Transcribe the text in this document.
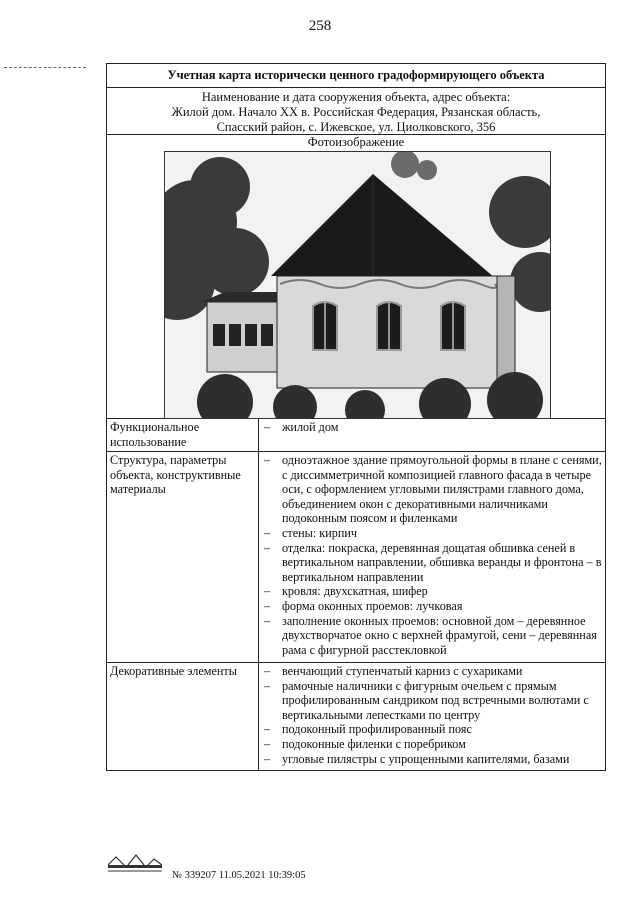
258
Учетная карта исторически ценного градоформирующего объекта
Наименование и дата сооружения объекта, адрес объекта:
Жилой дом. Начало XX в. Российская Федерация, Рязанская область,
Спасский район, с. Ижевское, ул. Циолковского, 356
Фотоизображение
Функциональное использование
– жилой дом
Структура, параметры объекта, конструктивные материалы
– одноэтажное здание прямоугольной формы в плане с сенями, с диссимметричной композицией главного фасада в четыре оси, с оформлением угловыми пилястрами главного дома, объединением окон с декоративными наличниками подоконным поясом и филенками
– стены: кирпич
– отделка: покраска, деревянная дощатая обшивка сеней в вертикальном направлении, обшивка веранды и фронтона – в вертикальном направлении
– кровля: двухскатная, шифер
– форма оконных проемов: лучковая
– заполнение оконных проемов: основной дом – деревянное двухстворчатое окно с верхней фрамугой, сени – деревянная рама с фигурной расстекловкой
Декоративные элементы
–	венчающий ступенчатый карниз с сухариками
– рамочные наличники с фигурным очельем с прямым профилированным сандриком под встречными волютами с вертикальными лепестками по центру
– подоконный профилированный пояс
– подоконные филенки с поребриком
– угловые пилястры с упрощенными капителями, базами
№ 339207 11.05.2021 10:39:05
